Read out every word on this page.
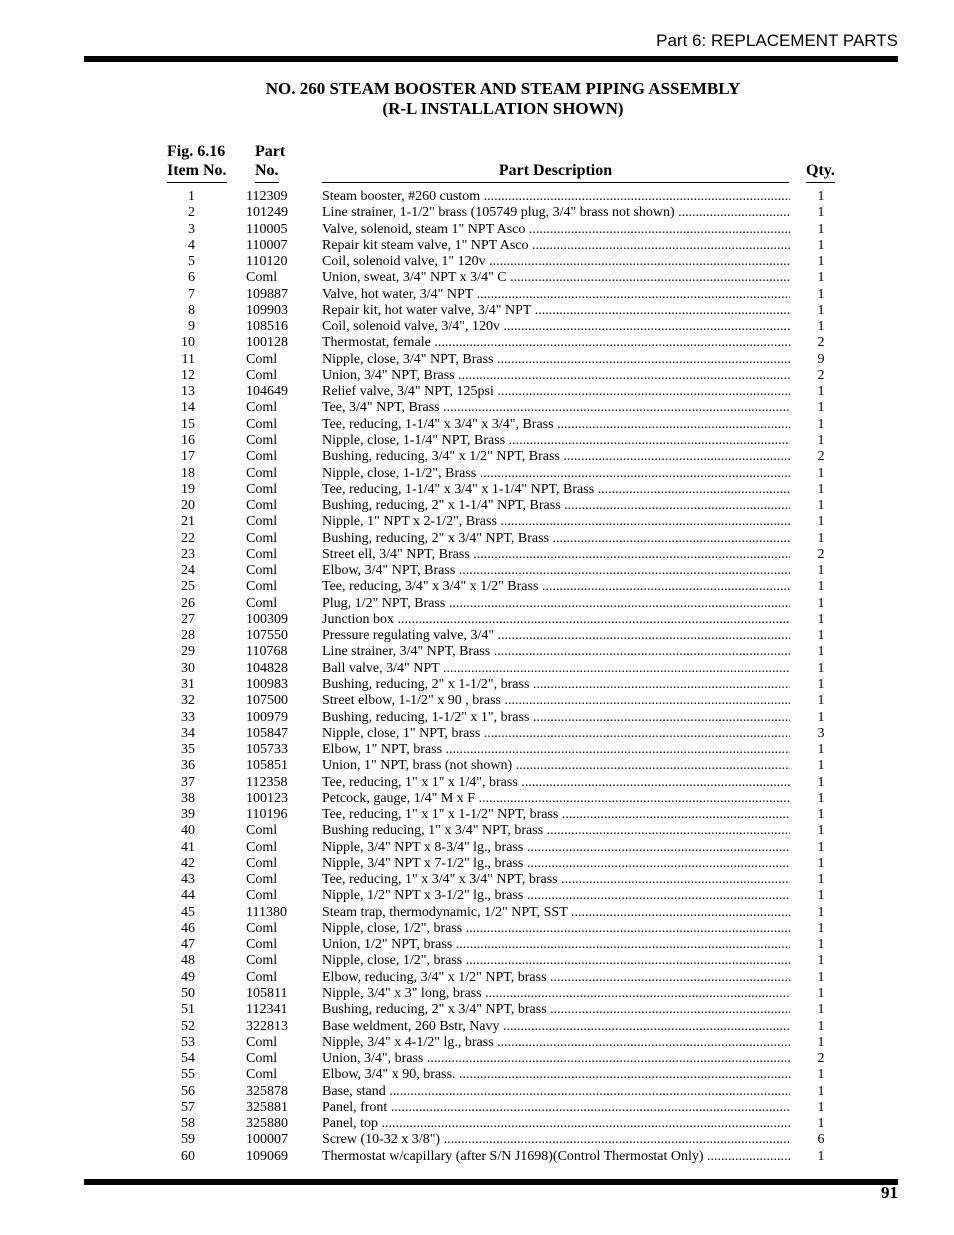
Part 6: REPLACEMENT PARTS
NO. 260 STEAM BOOSTER AND STEAM PIPING ASSEMBLY
(R-L INSTALLATION SHOWN)
Fig. 6.16 Part
Item No. No.	Part Description	Qty.
1	112309 Steam booster, #260 custom .....	1
2	101249 Line strainer, 1-1/2" brass (105749 plug, 3/4" brass not shown) .....	1
3	110005 Valve, solenoid, steam 1" NPT Asco .....	1
4	110007 Repair kit steam valve, 1" NPT Asco .....	1
5	110120 Coil, solenoid valve, 1" 120v .....	1
6	Coml	Union, sweat, 3/4" NPT x 3/4" C .....	1
7	109887 Valve, hot water, 3/4" NPT .....	1
8	109903 Repair kit, hot water valve, 3/4" NPT .....	1
9	108516 Coil, solenoid valve, 3/4", 120v .....	1
10	100128 Thermostat, female .....	2
11	Coml	Nipple, close, 3/4" NPT, Brass .....	9
12	Coml	Union, 3/4" NPT, Brass .....	2
13	104649 Relief valve, 3/4" NPT, 125psi .....	1
14	Coml	Tee, 3/4" NPT, Brass .....	1
15	Coml	Tee, reducing, 1-1/4" x 3/4" x 3/4", Brass .....	1
16	Coml	Nipple, close, 1-1/4" NPT, Brass .....	1
17	Coml	Bushing, reducing, 3/4" x 1/2" NPT, Brass .....	2
18	Coml	Nipple, close, 1-1/2", Brass .....	1
19	Coml	Tee, reducing, 1-1/4" x 3/4" x 1-1/4" NPT, Brass .....	1
20	Coml	Bushing, reducing, 2" x 1-1/4" NPT, Brass .....	1
21	Coml	Nipple, 1" NPT x 2-1/2", Brass .....	1
22	Coml	Bushing, reducing, 2" x 3/4" NPT, Brass .....	1
23	Coml	Street ell, 3/4" NPT, Brass .....	2
24	Coml	Elbow, 3/4" NPT, Brass .....	1
25	Coml	Tee, reducing, 3/4" x 3/4" x 1/2" Brass .....	1
26	Coml	Plug, 1/2" NPT, Brass .....	1
27	100309 Junction box .....	1
28	107550 Pressure regulating valve, 3/4" .....	1
29	110768 Line strainer, 3/4" NPT, Brass .....	1
30	104828 Ball valve, 3/4" NPT .....	1
31	100983 Bushing, reducing, 2" x 1-1/2", brass .....	1
32	107500 Street elbow, 1-1/2" x 90 , brass .....	1
33	100979 Bushing, reducing, 1-1/2" x 1", brass .....	1
34	105847 Nipple, close, 1" NPT, brass .....	3
35	105733 Elbow, 1" NPT, brass .....	1
36	105851 Union, 1" NPT, brass (not shown) .....	1
37	112358 Tee, reducing, 1" x 1" x 1/4", brass .....	1
38	100123 Petcock, gauge, 1/4" M x F .....	1
39	110196 Tee, reducing, 1" x 1" x 1-1/2" NPT, brass .....	1
40	Coml	Bushing reducing, 1" x 3/4" NPT, brass .....	1
41	Coml	Nipple, 3/4" NPT x 8-3/4" lg., brass .....	1
42	Coml	Nipple, 3/4" NPT x 7-1/2" lg., brass .....	1
43	Coml	Tee, reducing, 1" x 3/4" x 3/4" NPT, brass .....	1
44	Coml	Nipple, 1/2" NPT x 3-1/2" lg., brass .....	1
45	111380	Steam trap, thermodynamic, 1/2" NPT, SST .....	1
46	Coml	Nipple, close, 1/2", brass .....	1
47	Coml	Union, 1/2" NPT, brass .....	1
48	Coml	Nipple, close, 1/2", brass .....	1
49	Coml	Elbow, reducing, 3/4" x 1/2" NPT, brass .....	1
50	105811 Nipple, 3/4" x 3" long, brass .....	1
51	112341 Bushing, reducing, 2" x 3/4" NPT, brass .....	1
52	322813 Base weldment, 260 Bstr, Navy .....	1
53	Coml	Nipple, 3/4" x 4-1/2" lg., brass .....	1
54	Coml	Union, 3/4", brass .....	2
55	Coml	Elbow, 3/4" x 90, brass. .....	1
56	325878 Base, stand .....	1
57	325881 Panel, front .....	1
58	325880 Panel, top .....	1
59	100007 Screw (10-32 x 3/8") .....	6
60	109069 Thermostat w/capillary (after S/N J1698)(Control Thermostat Only) .....	1
91
